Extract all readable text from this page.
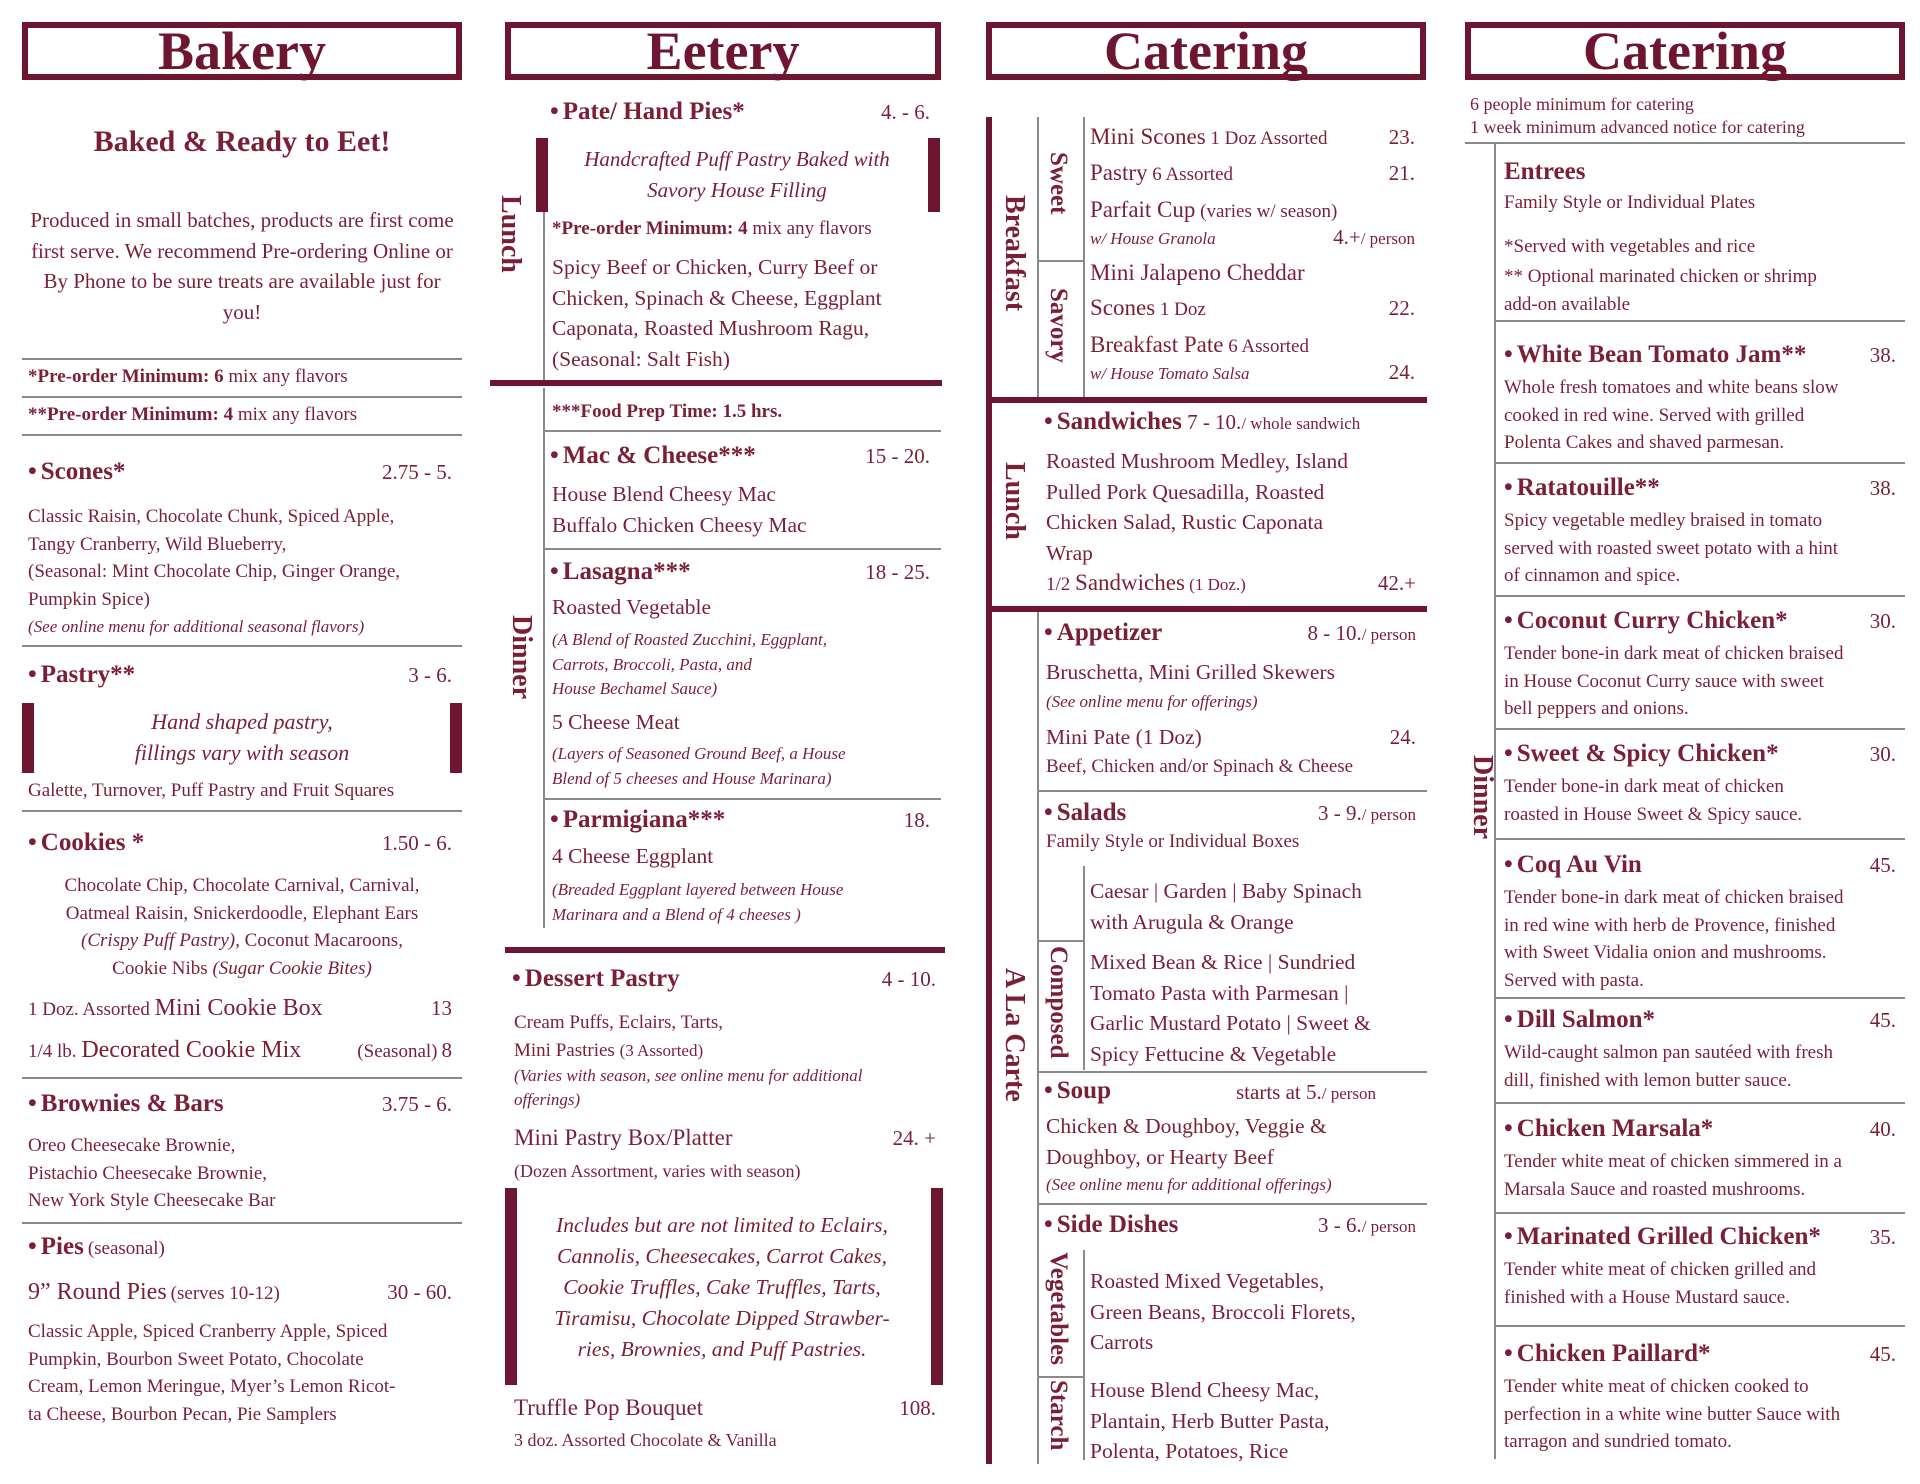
Bakery
Baked & Ready to Eet!
Produced in small batches, products are first come first serve. We recommend Pre-ordering Online or By Phone to be sure treats are available just for you!
*Pre-order Minimum: 6 mix any flavors
**Pre-order Minimum: 4 mix any flavors
• Scones*	2.75 - 5.
Classic Raisin, Chocolate Chunk, Spiced Apple,
Tangy Cranberry, Wild Blueberry,
(Seasonal: Mint Chocolate Chip, Ginger Orange,
Pumpkin Spice)
(See online menu for additional seasonal flavors)
• Pastry**	3 - 6.
Hand shaped pastry,
fillings vary with season
Galette, Turnover, Puff Pastry and Fruit Squares
• Cookies *	1.50 - 6.
Chocolate Chip, Chocolate Carnival, Carnival,
Oatmeal Raisin, Snickerdoodle, Elephant Ears
(Crispy Puff Pastry), Coconut Macaroons,
Cookie Nibs (Sugar Cookie Bites)
1 Doz. Assorted Mini Cookie Box	13
1/4 lb. Decorated Cookie Mix	(Seasonal) 8
• Brownies & Bars	3.75 - 6.
Oreo Cheesecake Brownie,
Pistachio Cheesecake Brownie,
New York Style Cheesecake Bar
• Pies (seasonal)
9” Round Pies (serves 10-12)	30 - 60.
Classic Apple, Spiced Cranberry Apple, Spiced
Pumpkin, Bourbon Sweet Potato, Chocolate
Cream, Lemon Meringue, Myer’s Lemon Ricot-
ta Cheese, Bourbon Pecan, Pie Samplers
Eetery
• Pate/ Hand Pies*	4. - 6.
Lunch
Handcrafted Puff Pastry Baked with
Savory House Filling
*Pre-order Minimum: 4 mix any flavors
Spicy Beef or Chicken, Curry Beef or
Chicken, Spinach & Cheese, Eggplant
Caponata, Roasted Mushroom Ragu,
(Seasonal: Salt Fish)
Dinner
***Food Prep Time: 1.5 hrs.
• Mac & Cheese***	15 - 20.
House Blend Cheesy Mac
Buffalo Chicken Cheesy Mac
• Lasagna***	18 - 25.
Roasted Vegetable
(A Blend of Roasted Zucchini, Eggplant,
Carrots, Broccoli, Pasta, and
House Bechamel Sauce)
5 Cheese Meat
(Layers of Seasoned Ground Beef, a House
Blend of 5 cheeses and House Marinara)
• Parmigiana***	18.
4 Cheese Eggplant
(Breaded Eggplant layered between House
Marinara and a Blend of 4 cheeses )
• Dessert Pastry	4 - 10.
Cream Puffs, Eclairs, Tarts,
Mini Pastries (3 Assorted)
(Varies with season, see online menu for additional
offerings)
Mini Pastry Box/Platter	24. +
(Dozen Assortment, varies with season)
Includes but are not limited to Eclairs,
Cannolis, Cheesecakes, Carrot Cakes,
Cookie Truffles, Cake Truffles, Tarts,
Tiramisu, Chocolate Dipped Strawber-
ries, Brownies, and Puff Pastries.
Truffle Pop Bouquet	108.
3 doz. Assorted Chocolate & Vanilla
Catering
Breakfast
Sweet
Savory
Mini Scones 1 Doz Assorted	23.
Pastry 6 Assorted	21.
Parfait Cup (varies w/ season)
w/ House Granola	4.+/ person
Mini Jalapeno Cheddar
Scones 1 Doz	22.
Breakfast Pate 6 Assorted
w/ House Tomato Salsa	24.
Lunch
• Sandwiches 7 - 10./ whole sandwich
Roasted Mushroom Medley, Island
Pulled Pork Quesadilla, Roasted
Chicken Salad, Rustic Caponata
Wrap
1/2 Sandwiches (1 Doz.)	42.+
A La Carte
• Appetizer	8 - 10./ person
Bruschetta, Mini Grilled Skewers
(See online menu for offerings)
Mini Pate (1 Doz)	24.
Beef, Chicken and/or Spinach & Cheese
• Salads	3 - 9./ person
Family Style or Individual Boxes
Composed
Caesar | Garden | Baby Spinach
with Arugula & Orange
Mixed Bean & Rice | Sundried
Tomato Pasta with Parmesan |
Garlic Mustard Potato | Sweet &
Spicy Fettucine & Vegetable
• Soup	starts at 5./ person
Chicken & Doughboy, Veggie &
Doughboy, or Hearty Beef
(See online menu for additional offerings)
• Side Dishes	3 - 6./ person
Vegetables
Starch
Roasted Mixed Vegetables,
Green Beans, Broccoli Florets,
Carrots
House Blend Cheesy Mac,
Plantain, Herb Butter Pasta,
Polenta, Potatoes, Rice
Catering
6 people minimum for catering
1 week minimum advanced notice for catering
Dinner
Entrees
Family Style or Individual Plates
*Served with vegetables and rice
** Optional marinated chicken or shrimp
add-on available
• White Bean Tomato Jam**	38.
Whole fresh tomatoes and white beans slow
cooked in red wine. Served with grilled
Polenta Cakes and shaved parmesan.
• Ratatouille**	38.
Spicy vegetable medley braised in tomato
served with roasted sweet potato with a hint
of cinnamon and spice.
• Coconut Curry Chicken*	30.
Tender bone-in dark meat of chicken braised
in House Coconut Curry sauce with sweet
bell peppers and onions.
• Sweet & Spicy Chicken*	30.
Tender bone-in dark meat of chicken
roasted in House Sweet & Spicy sauce.
• Coq Au Vin	45.
Tender bone-in dark meat of chicken braised
in red wine with herb de Provence, finished
with Sweet Vidalia onion and mushrooms.
Served with pasta.
• Dill Salmon*	45.
Wild-caught salmon pan sautéed with fresh
dill, finished with lemon butter sauce.
• Chicken Marsala*	40.
Tender white meat of chicken simmered in a
Marsala Sauce and roasted mushrooms.
• Marinated Grilled Chicken* 35.
Tender white meat of chicken grilled and
finished with a House Mustard sauce.
• Chicken Paillard*	45.
Tender white meat of chicken cooked to
perfection in a white wine butter Sauce with
tarragon and sundried tomato.
